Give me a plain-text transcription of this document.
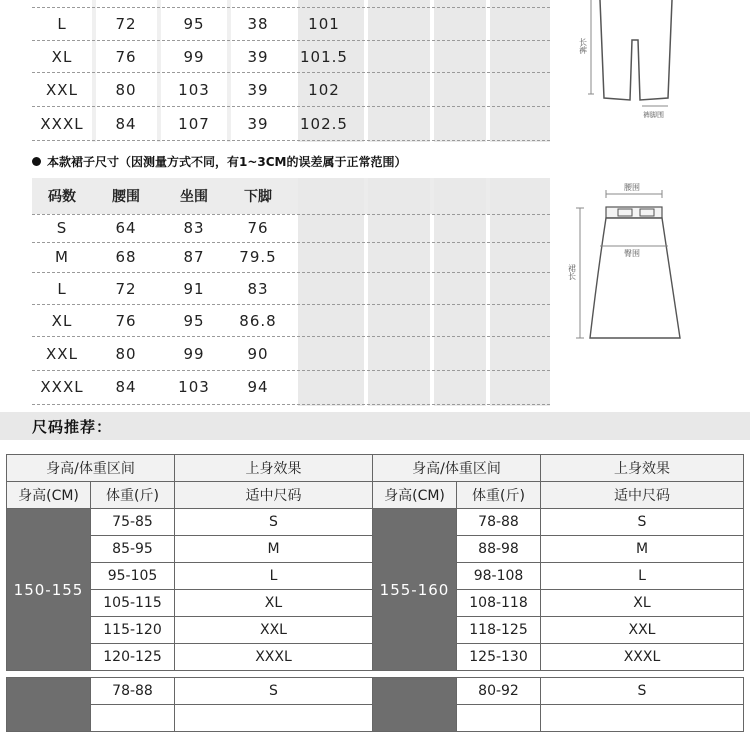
L	72	95	38	101
XL	76	99	39	101.5
XXL	80	103	39	102
XXXL	84	107	39	102.5
长裤
裤脚围
本款裙子尺寸（因测量方式不同，有1~3CM的误差属于正常范围）
码数	腰围	坐围	下脚
S	64	83	76
M	68	87	79.5
L	72	91	83
XL	76	95	86.8
XXL	80	99	90
XXXL	84	103	94
腰围
臀围
裙长
尺码推荐：
身高/体重区间		上身效果	身高/体重区间		上身效果
身高(CM)	体重(斤)	适中尺码	身高(CM)	体重(斤)	适中尺码
150-155	75-85	S	155-160	78-88	S
	85-95	M		88-98	M
	95-105	L		98-108	L
	105-115	XL		108-118	XL
	115-120	XXL		118-125	XXL
	120-125	XXXL		125-130	XXXL
	78-88	S		80-92	S
